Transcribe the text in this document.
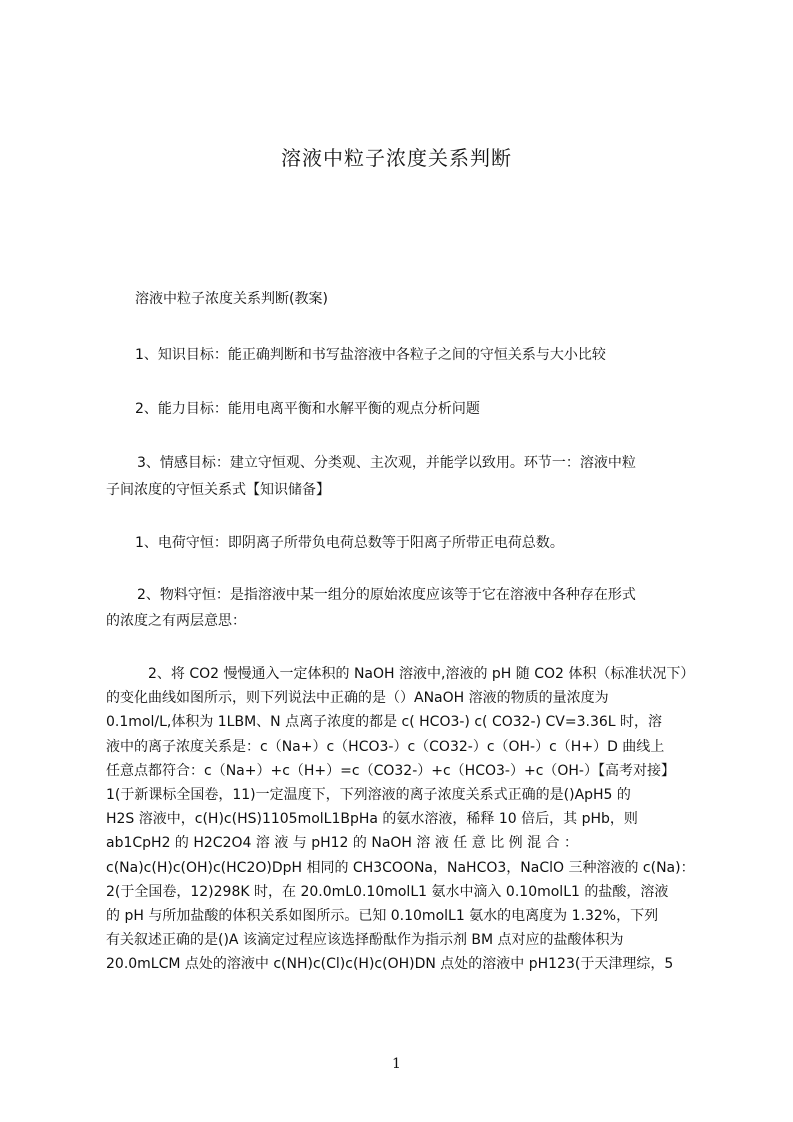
溶液中粒子浓度关系判断
溶液中粒子浓度关系判断(教案)
1、知识目标：能正确判断和书写盐溶液中各粒子之间的守恒关系与大小比较
2、能力目标：能用电离平衡和水解平衡的观点分析问题
3、情感目标：建立守恒观、分类观、主次观，并能学以致用。环节一：溶液中粒
子间浓度的守恒关系式【知识储备】
1、电荷守恒：即阴离子所带负电荷总数等于阳离子所带正电荷总数。
2、物料守恒：是指溶液中某一组分的原始浓度应该等于它在溶液中各种存在形式
的浓度之有两层意思：
2、将 CO2 慢慢通入一定体积的 NaOH 溶液中,溶液的 pH 随 CO2 体积（标准状况下）
的变化曲线如图所示，则下列说法中正确的是（）ANaOH 溶液的物质的量浓度为
0.1mol/L,体积为 1LBM、N 点离子浓度的都是 c( HCO3-) c( CO32-) CV=3.36L 时，溶
液中的离子浓度关系是：c（Na+）c（HCO3-）c（CO32-）c（OH-）c（H+）D 曲线上
任意点都符合：c（Na+）+c（H+）=c（CO32-）+c（HCO3-）+c（OH-）【高考对接】
1(于新课标全国卷，11)一定温度下，下列溶液的离子浓度关系式正确的是()ApH5 的
H2S 溶液中，c(H)c(HS)1105molL1BpHa 的氨水溶液，稀释 10 倍后，其 pHb，则
ab1CpH2 的 H2C2O4 溶 液 与 pH12 的 NaOH 溶 液 任 意 比 例 混 合 ：
c(Na)c(H)c(OH)c(HC2O)DpH 相同的 CH3COONa，NaHCO3，NaClO 三种溶液的 c(Na)：
2(于全国卷，12)298K 时，在 20.0mL0.10molL1 氨水中滴入 0.10molL1 的盐酸，溶液
的 pH 与所加盐酸的体积关系如图所示。已知 0.10molL1 氨水的电离度为 1.32%，下列
有关叙述正确的是()A 该滴定过程应该选择酚酞作为指示剂 BM 点对应的盐酸体积为
20.0mLCM 点处的溶液中 c(NH)c(Cl)c(H)c(OH)DN 点处的溶液中 pH123(于天津理综，5
1
